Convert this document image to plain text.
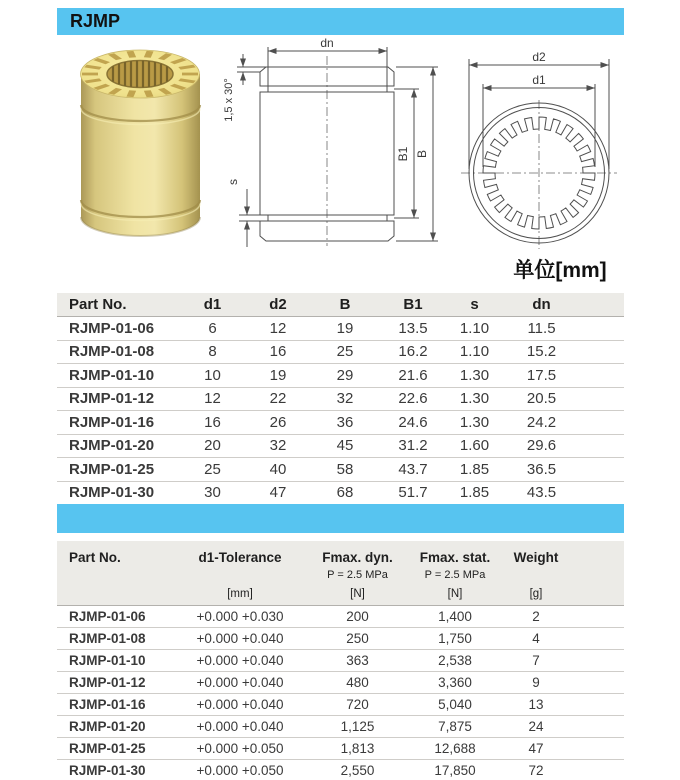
RJMP
dn
1,5 x 30°
s
B1 B
d2
d1
单位[mm]
Part No.	d1	d2	B	B1	s	dn
RJMP-01-06	6	12	19	13.5	1.10	11.5
RJMP-01-08	8	16	25	16.2	1.10	15.2
RJMP-01-10	10	19	29	21.6	1.30	17.5
RJMP-01-12	12	22	32	22.6	1.30	20.5
RJMP-01-16	16	26	36	24.6	1.30	24.2
RJMP-01-20	20	32	45	31.2	1.60	29.6
RJMP-01-25	25	40	58	43.7	1.85	36.5
RJMP-01-30	30	47	68	51.7	1.85	43.5
Part No.	d1-Tolerance	Fmax. dyn.	Fmax. stat.	Weight
		P = 2.5 MPa	P = 2.5 MPa	
	[mm]	[N]	[N]	[g]
RJMP-01-06	+0.000 +0.030	200	1,400	2
RJMP-01-08	+0.000 +0.040	250	1,750	4
RJMP-01-10	+0.000 +0.040	363	2,538	7
RJMP-01-12	+0.000 +0.040	480	3,360	9
RJMP-01-16	+0.000 +0.040	720	5,040	13
RJMP-01-20	+0.000 +0.040	1,125	7,875	24
RJMP-01-25	+0.000 +0.050	1,813	12,688	47
RJMP-01-30	+0.000 +0.050	2,550	17,850	72
